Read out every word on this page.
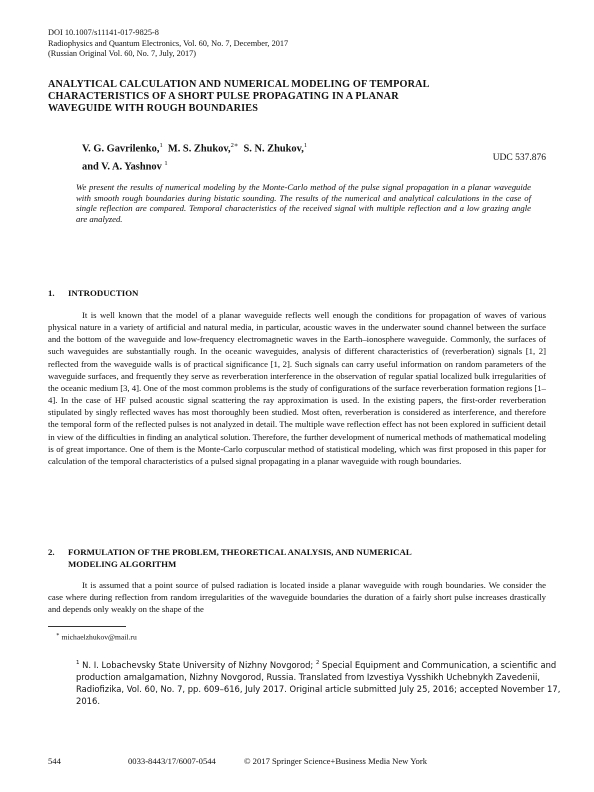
DOI 10.1007/s11141-017-9825-8
Radiophysics and Quantum Electronics, Vol. 60, No. 7, December, 2017
(Russian Original Vol. 60, No. 7, July, 2017)
ANALYTICAL CALCULATION AND NUMERICAL MODELING OF TEMPORAL
CHARACTERISTICS OF A SHORT PULSE PROPAGATING IN A PLANAR
WAVEGUIDE WITH ROUGH BOUNDARIES
V. G. Gavrilenko,$^1$ M. S. Zhukov,$^{2∗}$ S. N. Zhukov,$^1$
and V. A. Yashnov $^1$
UDC 537.876
We present the results of numerical modeling by the Monte-Carlo method of the pulse signal propagation in a planar waveguide with smooth rough boundaries during bistatic sounding. The results of the numerical and analytical calculations in the case of single reflection are compared. Temporal characteristics of the received signal with multiple reflection and a low grazing angle are analyzed.
1. INTRODUCTION
It is well known that the model of a planar waveguide reflects well enough the conditions for propagation of waves of various physical nature in a variety of artificial and natural media, in particular, acoustic waves in the underwater sound channel between the surface and the bottom of the waveguide and low-frequency electromagnetic waves in the Earth–ionosphere waveguide. Commonly, the surfaces of such waveguides are substantially rough. In the oceanic waveguides, analysis of different characteristics of (reverberation) signals [1, 2] reflected from the waveguide walls is of practical significance [1, 2]. Such signals can carry useful information on random parameters of the waveguide surfaces, and frequently they serve as reverberation interference in the observation of regular spatial localized bulk irregularities of the oceanic medium [3, 4]. One of the most common problems is the study of configurations of the surface reverberation formation regions [1–4]. In the case of HF pulsed acoustic signal scattering the ray approximation is used. In the existing papers, the first-order reverberation stipulated by singly reflected waves has most thoroughly been studied. Most often, reverberation is considered as interference, and therefore the temporal form of the reflected pulses is not analyzed in detail. The multiple wave reflection effect has not been explored in sufficient detail in view of the difficulties in finding an analytical solution. Therefore, the further development of numerical methods of mathematical modeling is of great importance. One of them is the Monte-Carlo corpuscular method of statistical modeling, which was first proposed in this paper for calculation of the temporal characteristics of a pulsed signal propagating in a planar waveguide with rough boundaries.
2. FORMULATION OF THE PROBLEM, THEORETICAL ANALYSIS, AND NUMERICAL
MODELING ALGORITHM
It is assumed that a point source of pulsed radiation is located inside a planar waveguide with rough boundaries. We consider the case where during reflection from random irregularities of the waveguide boundaries the duration of a fairly short pulse increases drastically and depends only weakly on the shape of the
∗ michaelzhukov@mail.ru
$^1$ N. I. Lobachevsky State University of Nizhny Novgorod; $^2$ Special Equipment and Communication, a scientific and production amalgamation, Nizhny Novgorod, Russia. Translated from Izvestiya Vysshikh Uchebnykh Zavedenii, Radiofizika, Vol. 60, No. 7, pp. 609–616, July 2017. Original article submitted July 25, 2016; accepted November 17, 2016.
544	0033-8443/17/6007-0544	© 2017 Springer Science+Business Media New York
